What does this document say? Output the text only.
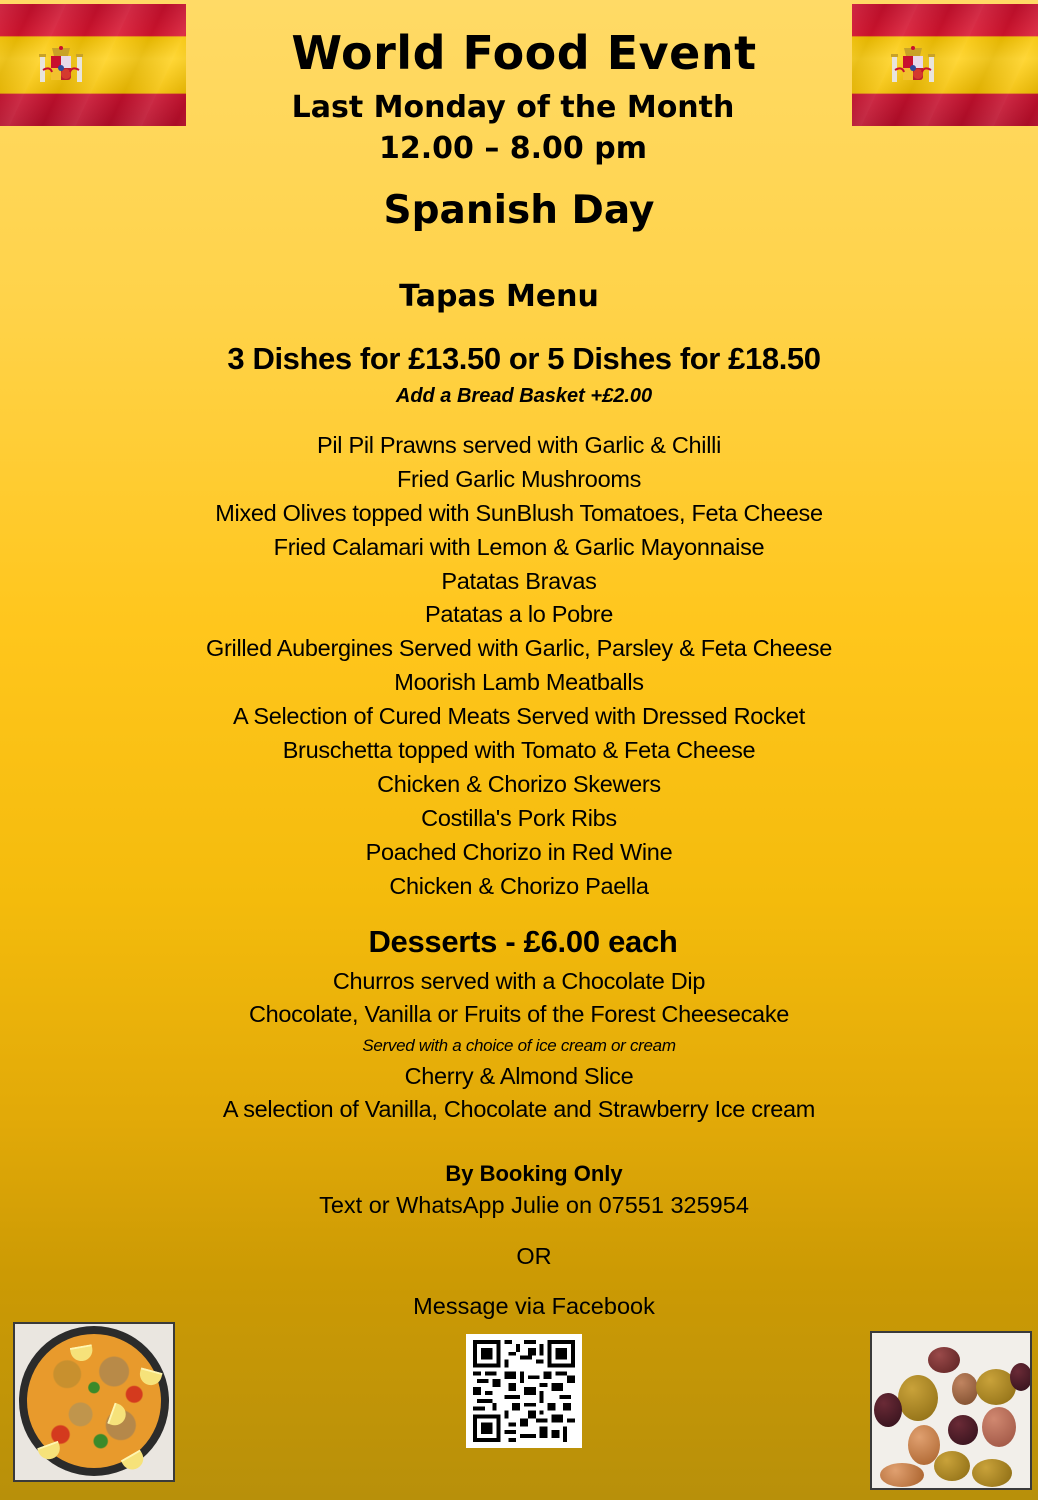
World Food Event
Last Monday of the Month
12.00 – 8.00 pm
Spanish Day
Tapas Menu
3 Dishes for £13.50 or 5 Dishes for £18.50
Add a Bread Basket +£2.00
Pil Pil Prawns served with Garlic & Chilli
Fried Garlic Mushrooms
Mixed Olives topped with SunBlush Tomatoes, Feta Cheese
Fried Calamari with Lemon & Garlic Mayonnaise
Patatas Bravas
Patatas a lo Pobre
Grilled Aubergines Served with Garlic, Parsley & Feta Cheese
Moorish Lamb Meatballs
A Selection of Cured Meats Served with Dressed Rocket
Bruschetta topped with Tomato & Feta Cheese
Chicken & Chorizo Skewers
Costilla's Pork Ribs
Poached Chorizo in Red Wine
Chicken & Chorizo Paella
Desserts - £6.00 each
Churros served with a Chocolate Dip
Chocolate, Vanilla or Fruits of the Forest Cheesecake
Served with a choice of ice cream or cream
Cherry & Almond Slice
A selection of Vanilla, Chocolate and Strawberry Ice cream
By Booking Only
Text or WhatsApp Julie on 07551 325954
OR
Message via Facebook
